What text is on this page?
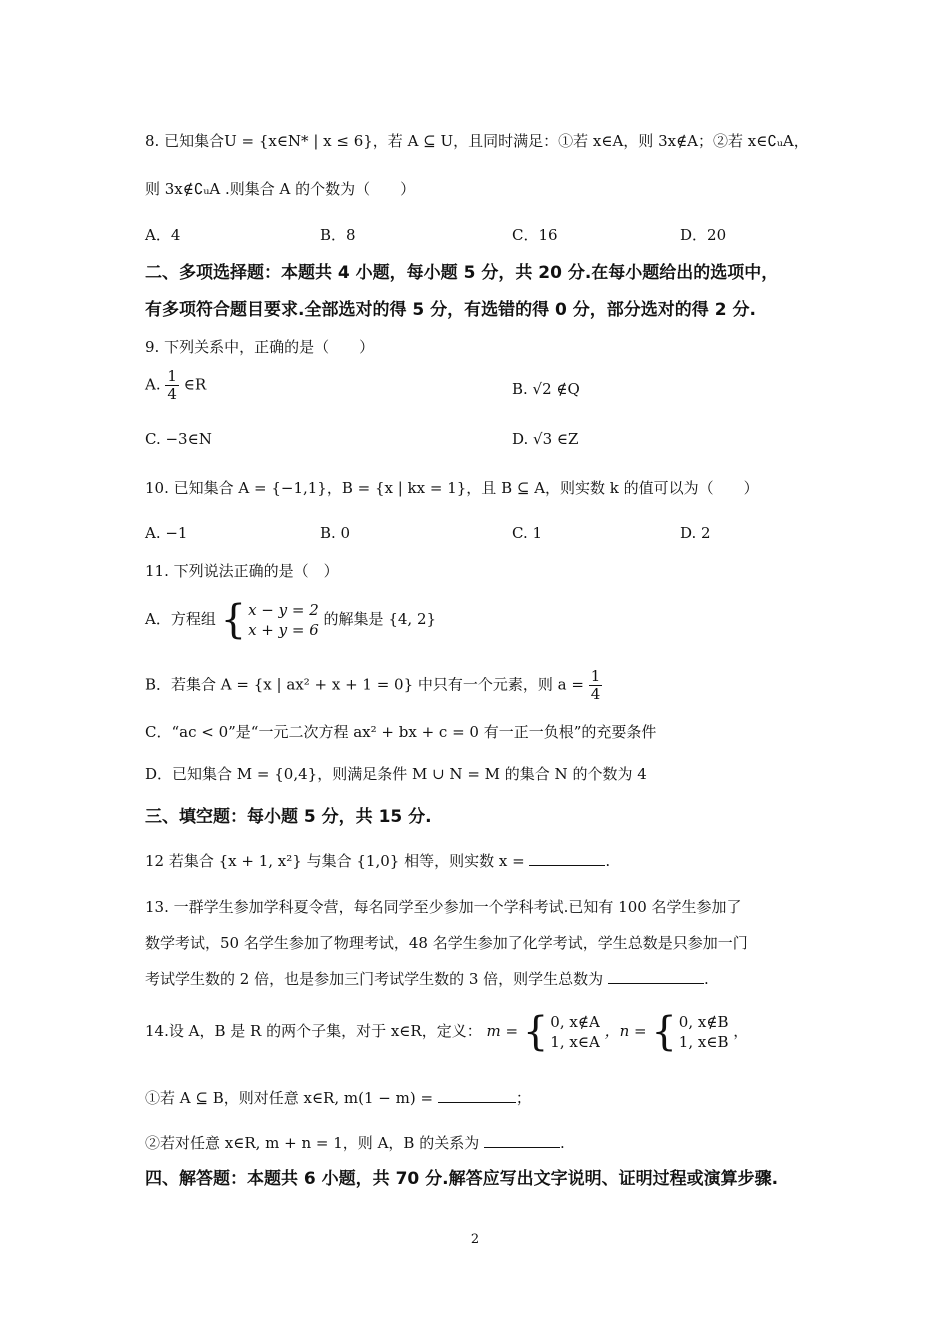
8. 已知集合U = {x∈N* | x ≤ 6}，若 A ⊆ U，且同时满足：①若 x∈A，则 3x∉A；②若 x∈∁ᵤA，
则 3x∉∁ᵤA .则集合 A 的个数为（　　）
A．4	B．8	C．16	D．20
二、多项选择题：本题共 4 小题，每小题 5 分，共 20 分.在每小题给出的选项中，
有多项符合题目要求.全部选对的得 5 分，有选错的得 0 分，部分选对的得 2 分.
9. 下列关系中，正确的是（　　）
A. $\frac{1}{4}$ ∈R	B. √2 ∉Q
C. −3∈N	D. √3 ∈Z
10. 已知集合 A = {−1,1}，B = {x | kx = 1}，且 B ⊆ A，则实数 k 的值可以为（　　）
A. −1	B. 0	C. 1	D. 2
11. 下列说法正确的是（　）
A．方程组 { x − y = 2
x + y = 6
的解集是 {4, 2}
B．若集合 A = {x | ax² + x + 1 = 0} 中只有一个元素，则 $a = \frac{1}{4}$
C．“ac < 0”是“一元二次方程 ax² + bx + c = 0 有一正一负根”的充要条件
D．已知集合 M = {0,4}，则满足条件 M ∪ N = M 的集合 N 的个数为 4
三、填空题：每小题 5 分，共 15 分.
12 若集合 {x + 1, x²} 与集合 {1,0} 相等，则实数 x =	.
13. 一群学生参加学科夏令营，每名同学至少参加一个学科考试.已知有 100 名学生参加了
数学考试，50 名学生参加了物理考试，48 名学生参加了化学考试，学生总数是只参加一门
考试学生数的 2 倍，也是参加三门考试学生数的 3 倍，则学生总数为	.
14.设 A，B 是 R 的两个子集，对于 x∈R，定义： m = { 0, x∉A
1, x∈A
，n = { 0, x∉B
1, x∈B
，
①若 A ⊆ B，则对任意 x∈R, m(1 − m) =	；
②若对任意 x∈R, m + n = 1，则 A，B 的关系为	.
四、解答题：本题共 6 小题，共 70 分.解答应写出文字说明、证明过程或演算步骤.
2
